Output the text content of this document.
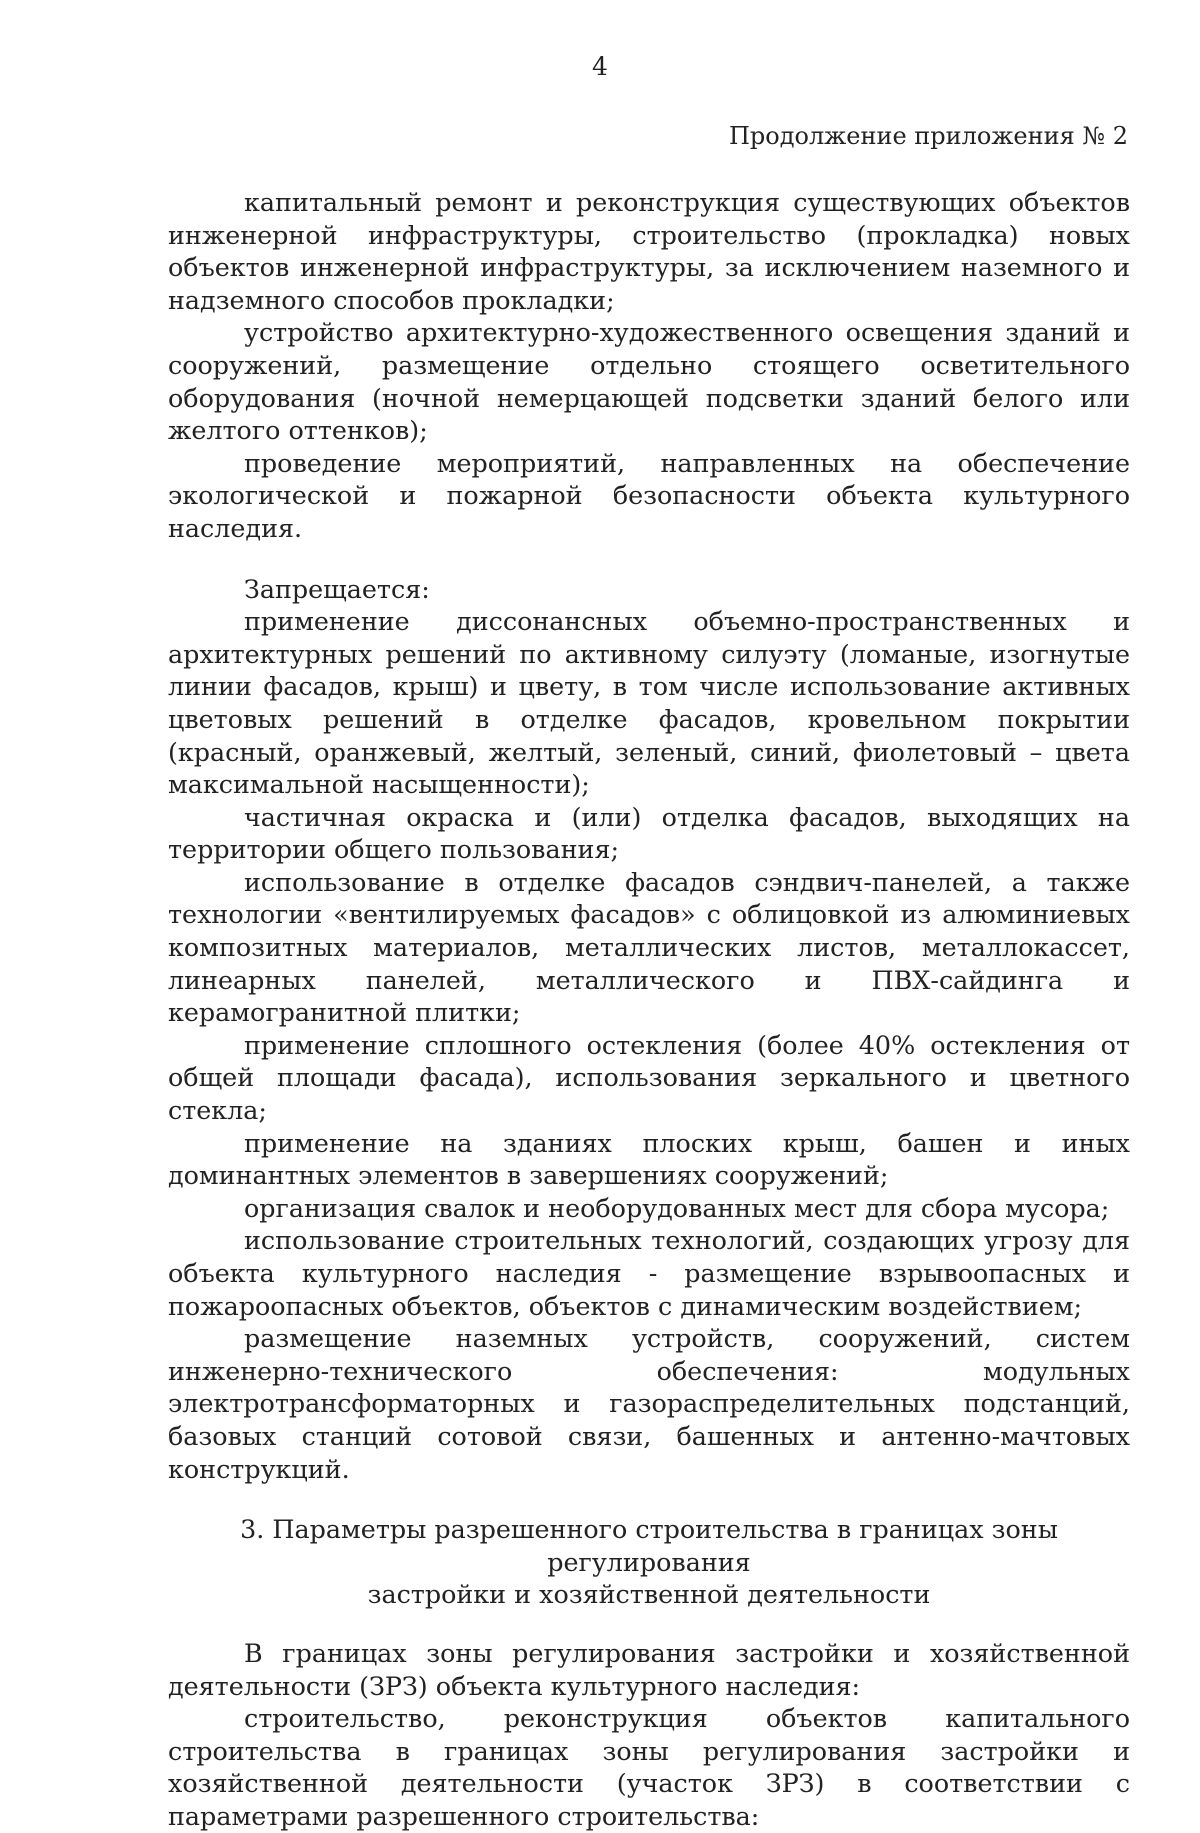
4
Продолжение приложения № 2

капитальный ремонт и реконструкция существующих объектов инженерной инфраструктуры, строительство (прокладка) новых объектов инженерной инфраструктуры, за исключением наземного и надземного способов прокладки;

устройство архитектурно-художественного освещения зданий и сооружений, размещение отдельно стоящего осветительного оборудования (ночной немерцающей подсветки зданий белого или желтого оттенков);

проведение мероприятий, направленных на обеспечение экологической и пожарной безопасности объекта культурного наследия.

Запрещается:

применение диссонансных объемно-пространственных и архитектурных решений по активному силуэту (ломаные, изогнутые линии фасадов, крыш) и цвету, в том числе использование активных цветовых решений в отделке фасадов, кровельном покрытии (красный, оранжевый, желтый, зеленый, синий, фиолетовый – цвета максимальной насыщенности);

частичная окраска и (или) отделка фасадов, выходящих на территории общего пользования;

использование в отделке фасадов сэндвич-панелей, а также технологии «вентилируемых фасадов» с облицовкой из алюминиевых композитных материалов, металлических листов, металлокассет, линеарных панелей, металлического и ПВХ-сайдинга и керамогранитной плитки;

применение сплошного остекления (более 40% остекления от общей площади фасада), использования зеркального и цветного стекла;

применение на зданиях плоских крыш, башен и иных доминантных элементов в завершениях сооружений;

организация свалок и необорудованных мест для сбора мусора;

использование строительных технологий, создающих угрозу для объекта культурного наследия - размещение взрывоопасных и пожароопасных объектов, объектов с динамическим воздействием;

размещение наземных устройств, сооружений, систем инженерно-технического обеспечения: модульных электротрансформаторных и газораспределительных подстанций, базовых станций сотовой связи, башенных и антенно-мачтовых конструкций.

3. Параметры разрешенного строительства в границах зоны регулирования
застройки и хозяйственной деятельности

В границах зоны регулирования застройки и хозяйственной деятельности (ЗРЗ) объекта культурного наследия:

строительство, реконструкция объектов капитального строительства в границах зоны регулирования застройки и хозяйственной деятельности (участок ЗРЗ) в соответствии с параметрами разрешенного строительства:
